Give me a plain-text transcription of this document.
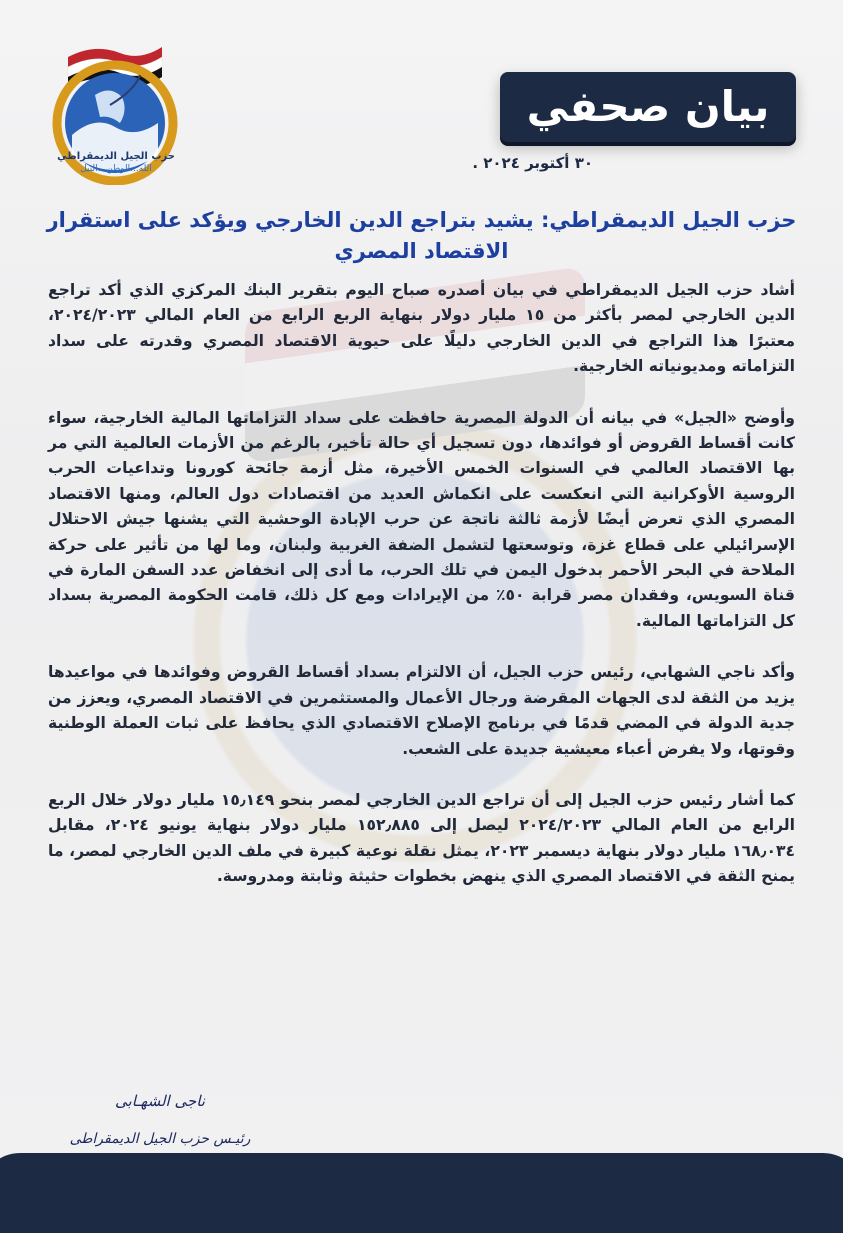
حزب الجيل الديمقراطي
الله...الوطن...النيل
بيان صحفي
٣٠ أكتوبر ٢٠٢٤ .
حزب الجيل الديمقراطي: يشيد بتراجع الدين الخارجي ويؤكد على استقرار الاقتصاد المصري

أشاد حزب الجيل الديمقراطي في بيان أصدره صباح اليوم بتقرير البنك المركزي الذي أكد تراجع الدين الخارجي لمصر بأكثر من ١٥ مليار دولار بنهاية الربع الرابع من العام المالي ٢٠٢٤/٢٠٢٣، معتبرًا هذا التراجع في الدين الخارجي دليلًا على حيوية الاقتصاد المصري وقدرته على سداد التزاماته ومديونياته الخارجية.

وأوضح «الجيل» في بيانه أن الدولة المصرية حافظت على سداد التزاماتها المالية الخارجية، سواء كانت أقساط القروض أو فوائدها، دون تسجيل أي حالة تأخير، بالرغم من الأزمات العالمية التي مر بها الاقتصاد العالمي في السنوات الخمس الأخيرة، مثل أزمة جائحة كورونا وتداعيات الحرب الروسية الأوكرانية التي انعكست على انكماش العديد من اقتصادات دول العالم، ومنها الاقتصاد المصري الذي تعرض أيضًا لأزمة ثالثة ناتجة عن حرب الإبادة الوحشية التي يشنها جيش الاحتلال الإسرائيلي على قطاع غزة، وتوسعتها لتشمل الضفة الغربية ولبنان، وما لها من تأثير على حركة الملاحة في البحر الأحمر بدخول اليمن في تلك الحرب، ما أدى إلى انخفاض عدد السفن المارة في قناة السويس، وفقدان مصر قرابة ٥٠٪ من الإيرادات ومع كل ذلك، قامت الحكومة المصرية بسداد كل التزاماتها المالية.

وأكد ناجي الشهابي، رئيس حزب الجيل، أن الالتزام بسداد أقساط القروض وفوائدها في مواعيدها يزيد من الثقة لدى الجهات المقرضة ورجال الأعمال والمستثمرين في الاقتصاد المصري، ويعزز من جدية الدولة في المضي قدمًا في برنامج الإصلاح الاقتصادي الذي يحافظ على ثبات العملة الوطنية وقوتها، ولا يفرض أعباء معيشية جديدة على الشعب.

كما أشار رئيس حزب الجيل إلى أن تراجع الدين الخارجي لمصر بنحو ١٥٫١٤٩ مليار دولار خلال الربع الرابع من العام المالي ٢٠٢٤/٢٠٢٣ ليصل إلى ١٥٢٫٨٨٥ مليار دولار بنهاية يونيو ٢٠٢٤، مقابل ١٦٨٫٠٣٤ مليار دولار بنهاية ديسمبر ٢٠٢٣، يمثل نقلة نوعية كبيرة في ملف الدين الخارجي لمصر، ما يمنح الثقة في الاقتصاد المصري الذي ينهض بخطوات حثيثة وثابتة ومدروسة.

ناجى الشهـابى
رئيـس حزب الجيل الديمقراطى
